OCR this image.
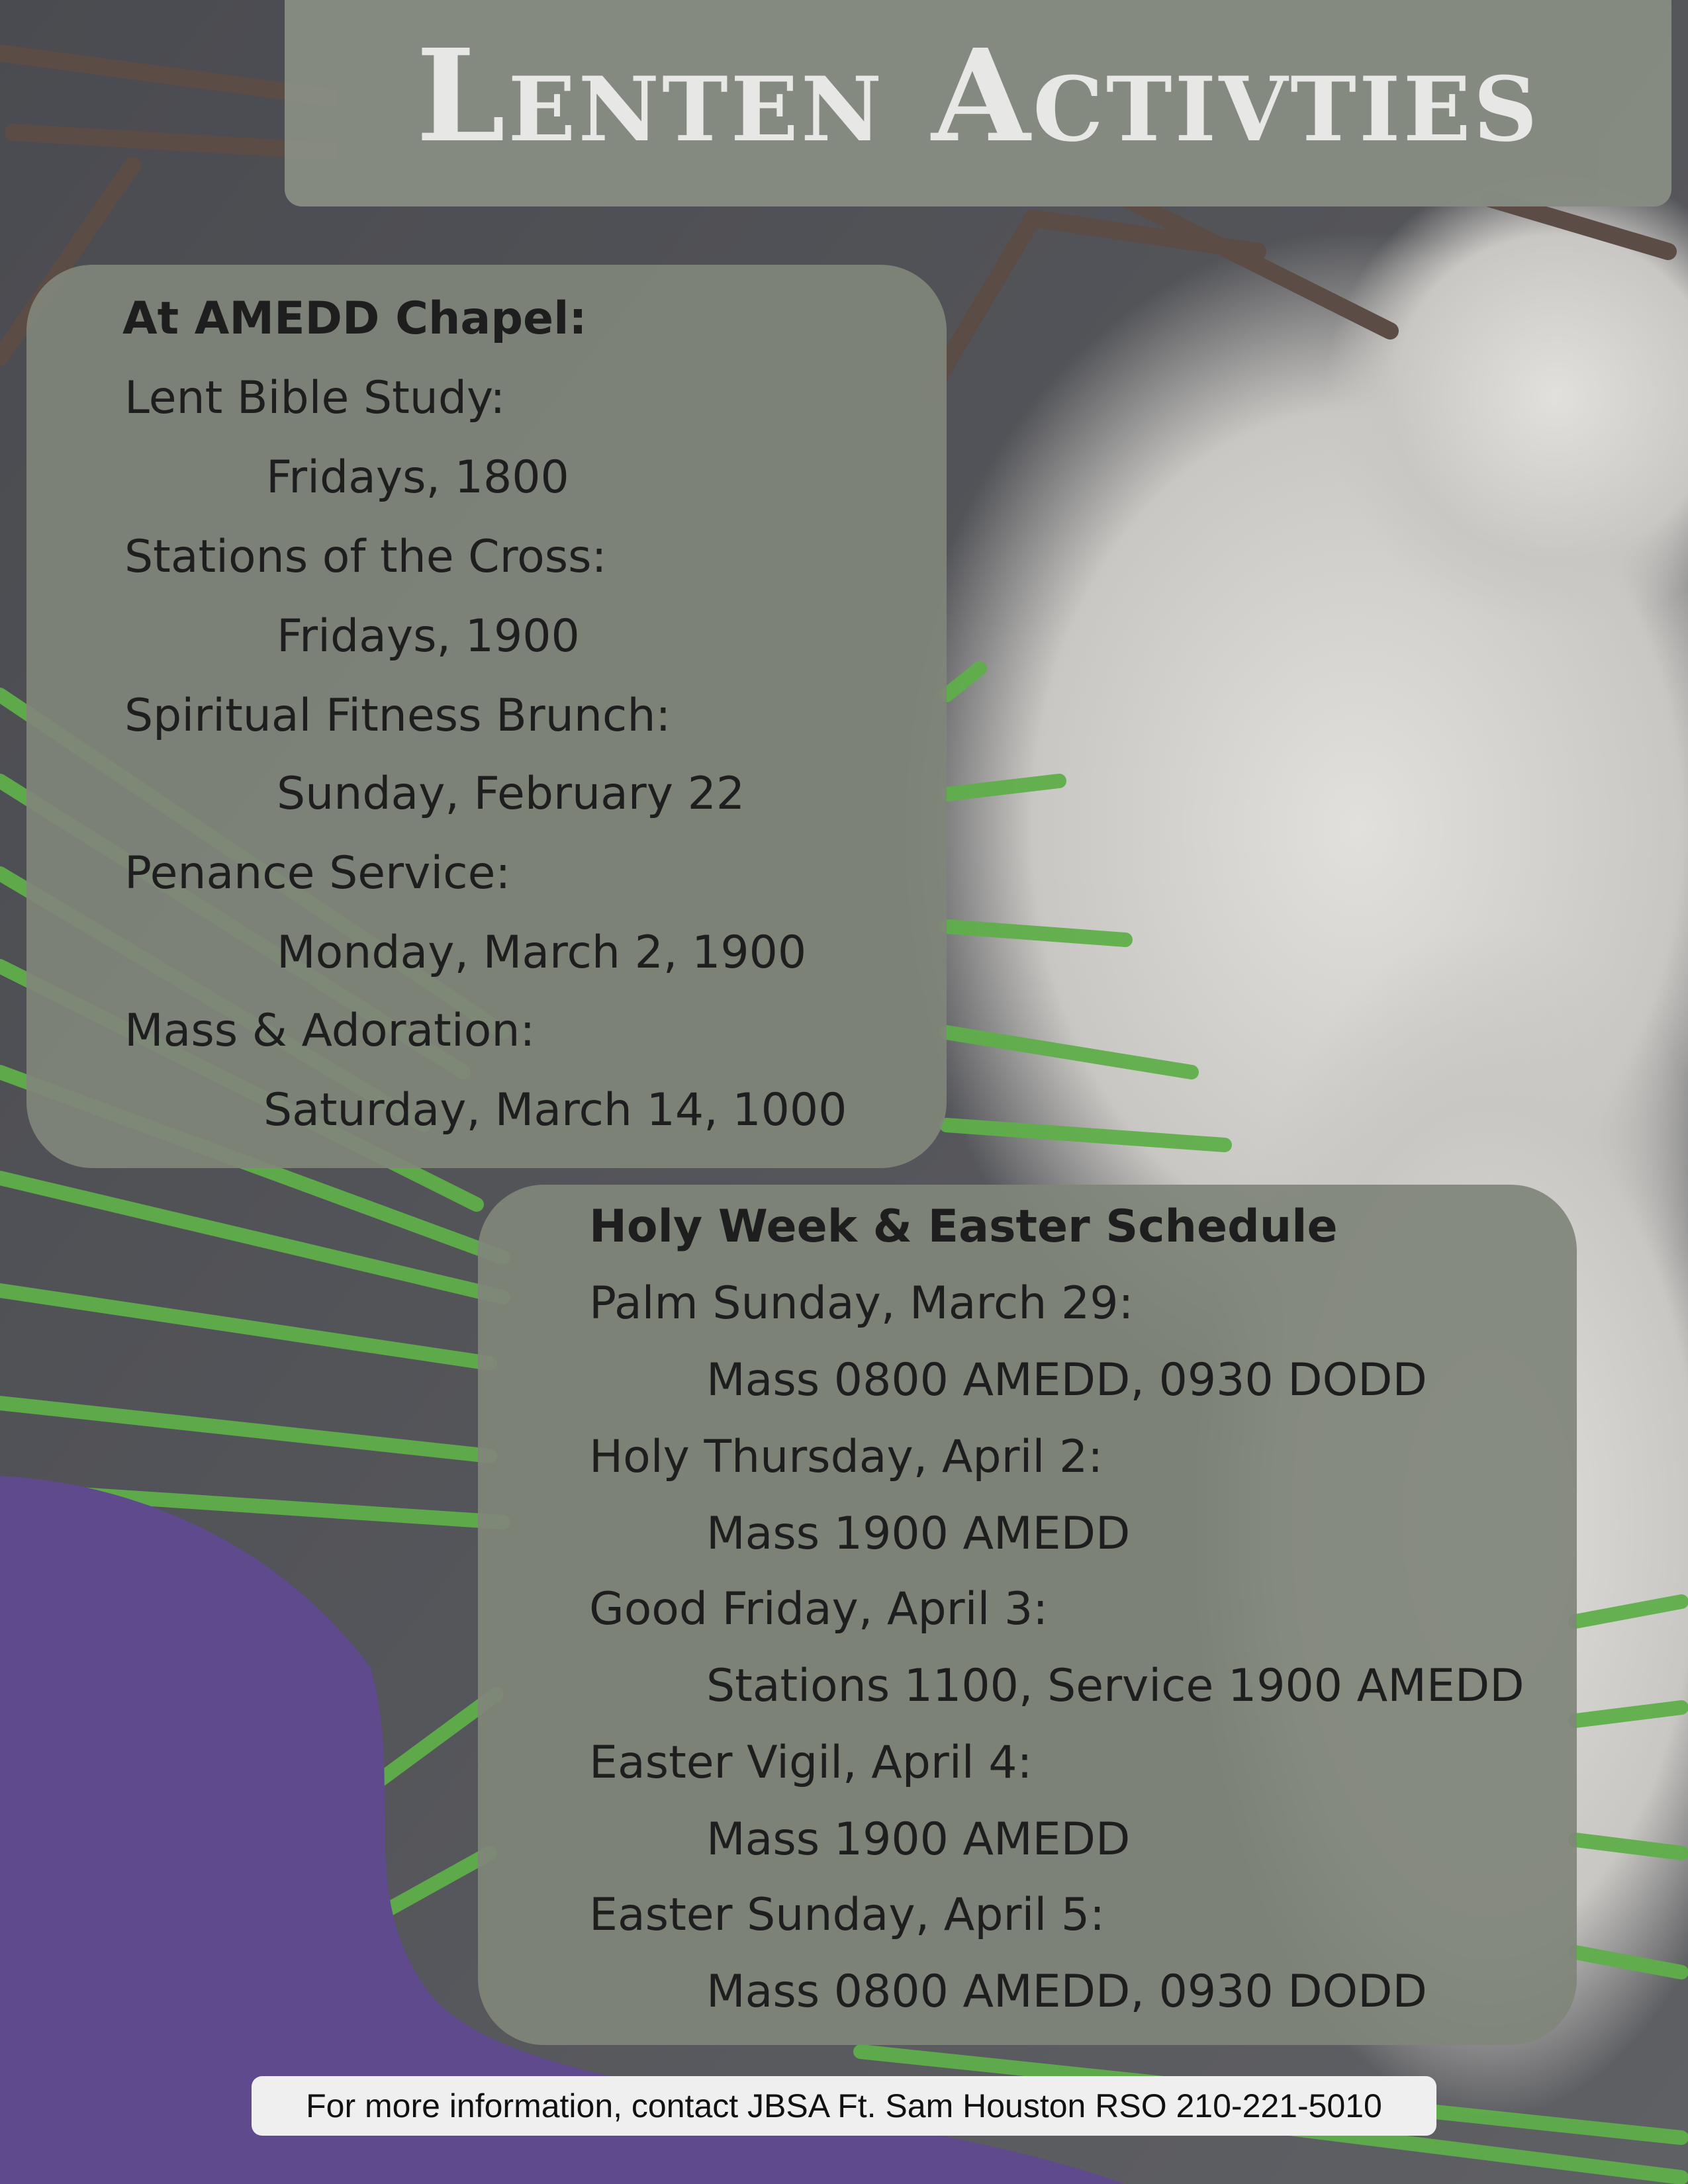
Lenten Activties
At AMEDD Chapel:
Lent Bible Study:
Fridays, 1800
Stations of the Cross:
Fridays, 1900
Spiritual Fitness Brunch:
Sunday, February 22
Penance Service:
Monday, March 2, 1900
Mass & Adoration:
Saturday, March 14, 1000
Holy Week & Easter Schedule
Palm Sunday, March 29:
Mass 0800 AMEDD, 0930 DODD
Holy Thursday, April 2:
Mass 1900 AMEDD
Good Friday, April 3:
Stations 1100, Service 1900 AMEDD
Easter Vigil, April 4:
Mass 1900 AMEDD
Easter Sunday, April 5:
Mass 0800 AMEDD, 0930 DODD
For more information, contact JBSA Ft. Sam Houston RSO 210-221-5010
